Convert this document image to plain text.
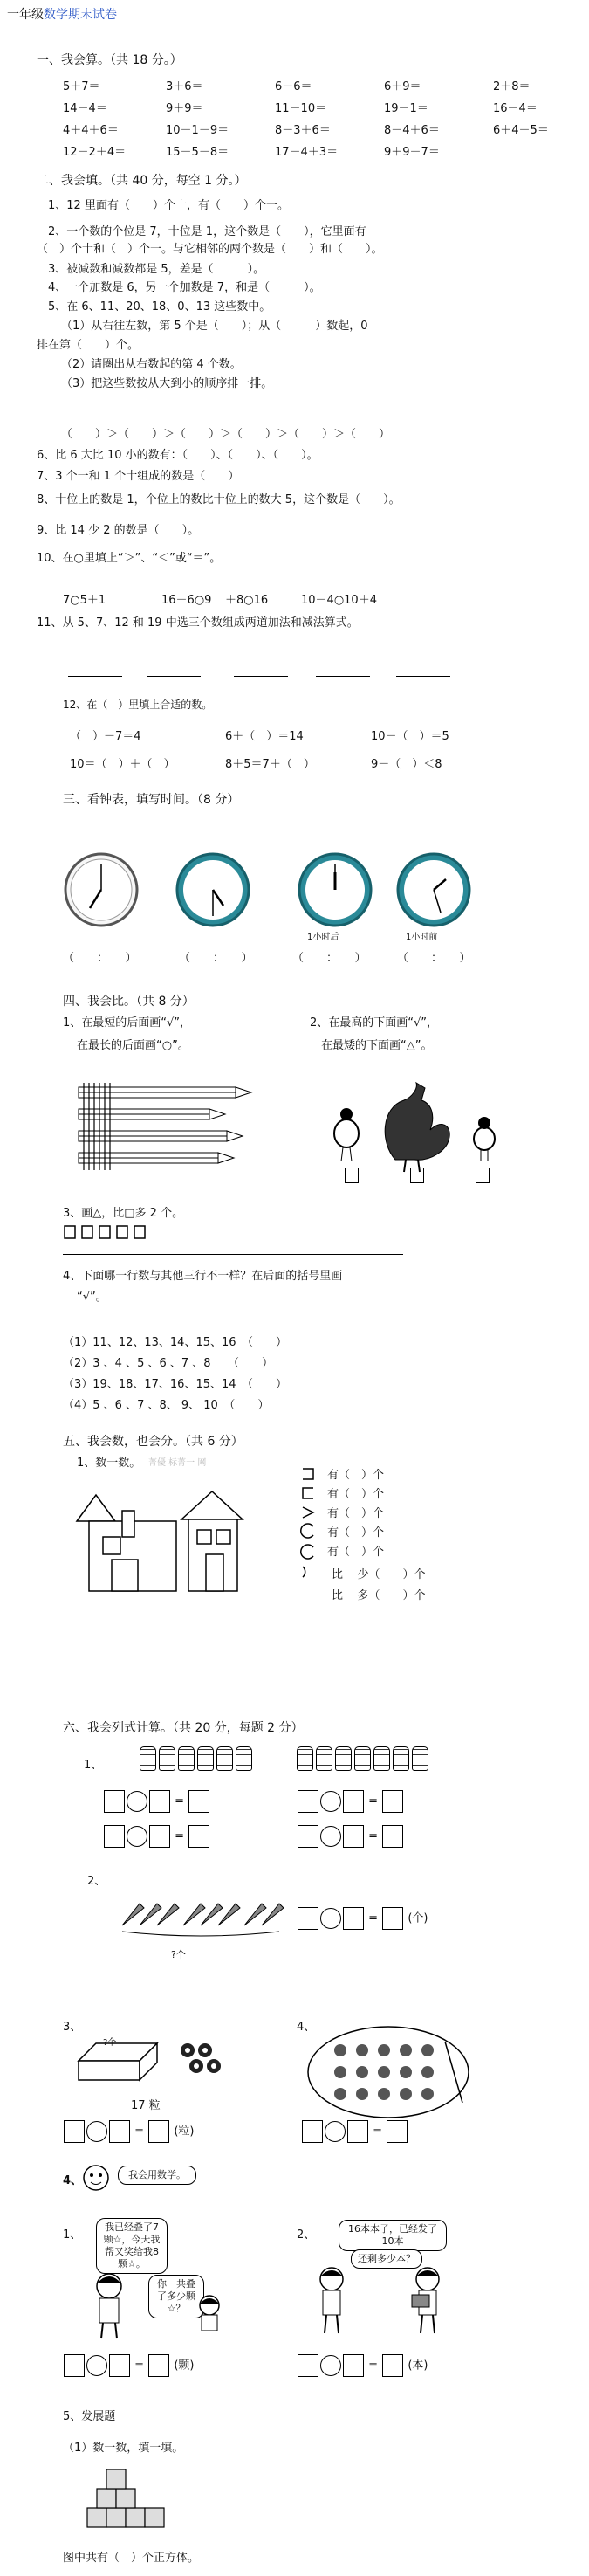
一年级数学期末试卷
一、我会算。（共 18 分。）
5＋7＝	3＋6＝	6－6＝	6＋9＝	2＋8＝
14－4＝	9＋9＝	11－10＝	19－1＝	16－4＝
4＋4＋6＝	10－1－9＝	8－3＋6＝	8－4＋6＝	6＋4－5＝
12－2＋4＝	15－5－8＝	17－4＋3＝	9＋9－7＝
二、我会填。（共 40 分，每空 1 分。）
1、12 里面有（　　）个十，有（　　）个一。
2、一个数的个位是 7，十位是 1，这个数是（　　），它里面有
（　）个十和（　）个一。与它相邻的两个数是（　　）和（　　）。
3、被减数和减数都是 5，差是（　　　）。
4、一个加数是 6，另一个加数是 7，和是（　　　）。
5、在 6、11、20、18、0、13 这些数中。
（1）从右往左数，第 5 个是（　　）；从（　　　）数起，0
排在第（　　）个。
（2）请圈出从右数起的第 4 个数。
（3）把这些数按从大到小的顺序排一排。
（　　）＞（　　）＞（　　）＞（　　）＞（　　）＞（　　）
6、比 6 大比 10 小的数有：（　　）、（　　）、（　　）。
7、3 个一和 1 个十组成的数是（　　）
8、十位上的数是 1，个位上的数比十位上的数大 5，这个数是（　　）。
9、比 14 少 2 的数是（　　）。
10、在○里填上“＞”、“＜”或“＝”。
7○5＋1	16－6○9 ＋8○16	10－4○10＋4
11、从 5、7、12 和 19 中选三个数组成两道加法和减法算式。
12、在（　）里填上合适的数。
（　）－7＝4	6＋（　）＝14	10－（　）＝5
10＝（　）＋（　）	8＋5＝7＋（　）	9－（　）＜8
三、看钟表，填写时间。（8 分）
1小时后	1小时前
（　　：　　）	（　　：　　）	（　　：　　）	（　　：　　）
四、我会比。（共 8 分）
1、在最短的后面画“√”，
在最长的后面画“○”。
2、在最高的下面画“√”，
在最矮的下面画“△”。
3、画△，比□多 2 个。
4、下面哪一行数与其他三行不一样？在后面的括号里画
“√”。
（1）11、12、13、14、15、16　（　　）
（2）3 、4 、5 、6 、7 、8　　（　　）
（3）19、18、17、16、15、14　（　　）
（4）5 、6 、7 、8、 9、 10　（　　）
五、我会数，也会分。（共 6 分）
1、数一数。 菁優 标菁一 网
有（　）个
有（　）个
有（　）个
有（　）个
有（　）个
比 少（　　）个
比 多（　　）个
六、我会列式计算。（共 20 分，每题 2 分）
1、
=
=
=
=
2、
?个
=  (个)
3、
?个
17 粒
=  (粒)
4、
=
4、	我会用数学。
1、
我已经叠了7颗☆，今天我帮又奖给我8颗☆。
你一共叠了多少颗☆？
=  (颗)
2、	16本本子，已经发了10本
还剩多少本？
=  (本)
5、发展题
（1）数一数，填一填。
图中共有（　）个正方体。
